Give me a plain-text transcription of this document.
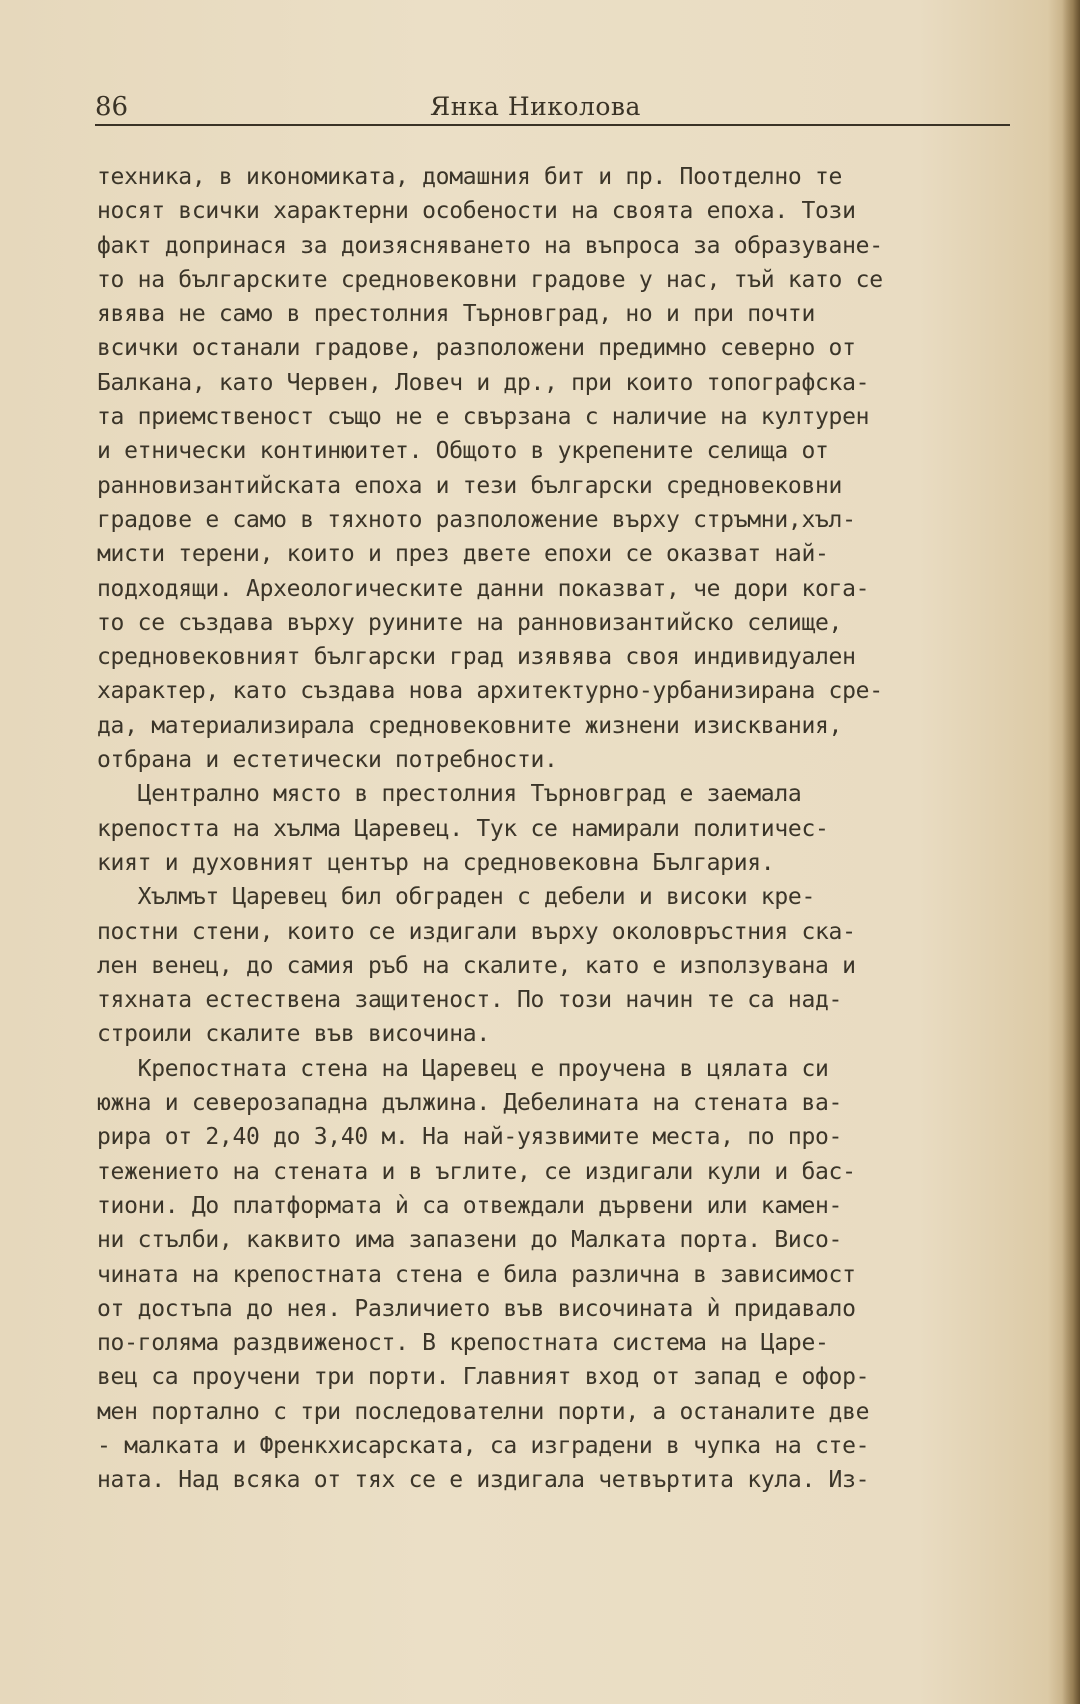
86	Янка Николова
техника, в икономиката, домашния бит и пр. Поотделно те
носят всички характерни особености на своята епоха. Този
факт допринася за доизясняването на въпроса за образуване-
то на българските средновековни градове у нас, тъй като се
явява не само в престолния Търновград, но и при почти
всички останали градове, разположени предимно северно от
Балкана, като Червен, Ловеч и др., при които топографска-
та приемственост също не е свързана с наличие на културен
и етнически континюитет. Общото в укрепените селища от
ранновизантийската епоха и тези български средновековни
градове е само в тяхното разположение върху стръмни,хъл-
мисти терени, които и през двете епохи се оказват най-
подходящи. Археологическите данни показват, че дори кога-
то се създава върху руините на ранновизантийско селище,
средновековният български град изявява своя индивидуален
характер, като създава нова архитектурно-урбанизирана сре-
да, материализирала средновековните жизнени изисквания,
отбрана и естетически потребности.
Централно място в престолния Търновград е заемала
крепостта на хълма Царевец. Тук се намирали политичес-
кият и духовният център на средновековна България.
Хълмът Царевец бил обграден с дебели и високи кре-
постни стени, които се издигали върху околовръстния ска-
лен венец, до самия ръб на скалите, като е използувана и
тяхната естествена защитеност. По този начин те са над-
строили скалите във височина.
Крепостната стена на Царевец е проучена в цялата си
южна и северозападна дължина. Дебелината на стената ва-
рира от 2,40 до 3,40 м. На най-уязвимите места, по про-
тежението на стената и в ъглите, се издигали кули и бас-
тиони. До платформата ѝ са отвеждали дървени или камен-
ни стълби, каквито има запазени до Малката порта. Висо-
чината на крепостната стена е била различна в зависимост
от достъпа до нея. Различието във височината ѝ придавало
по-голяма раздвиженост. В крепостната система на Царе-
вец са проучени три порти. Главният вход от запад е офор-
мен портално с три последователни порти, а останалите две
- малката и Френкхисарската, са изградени в чупка на сте-
ната. Над всяка от тях се е издигала четвъртита кула. Из-
